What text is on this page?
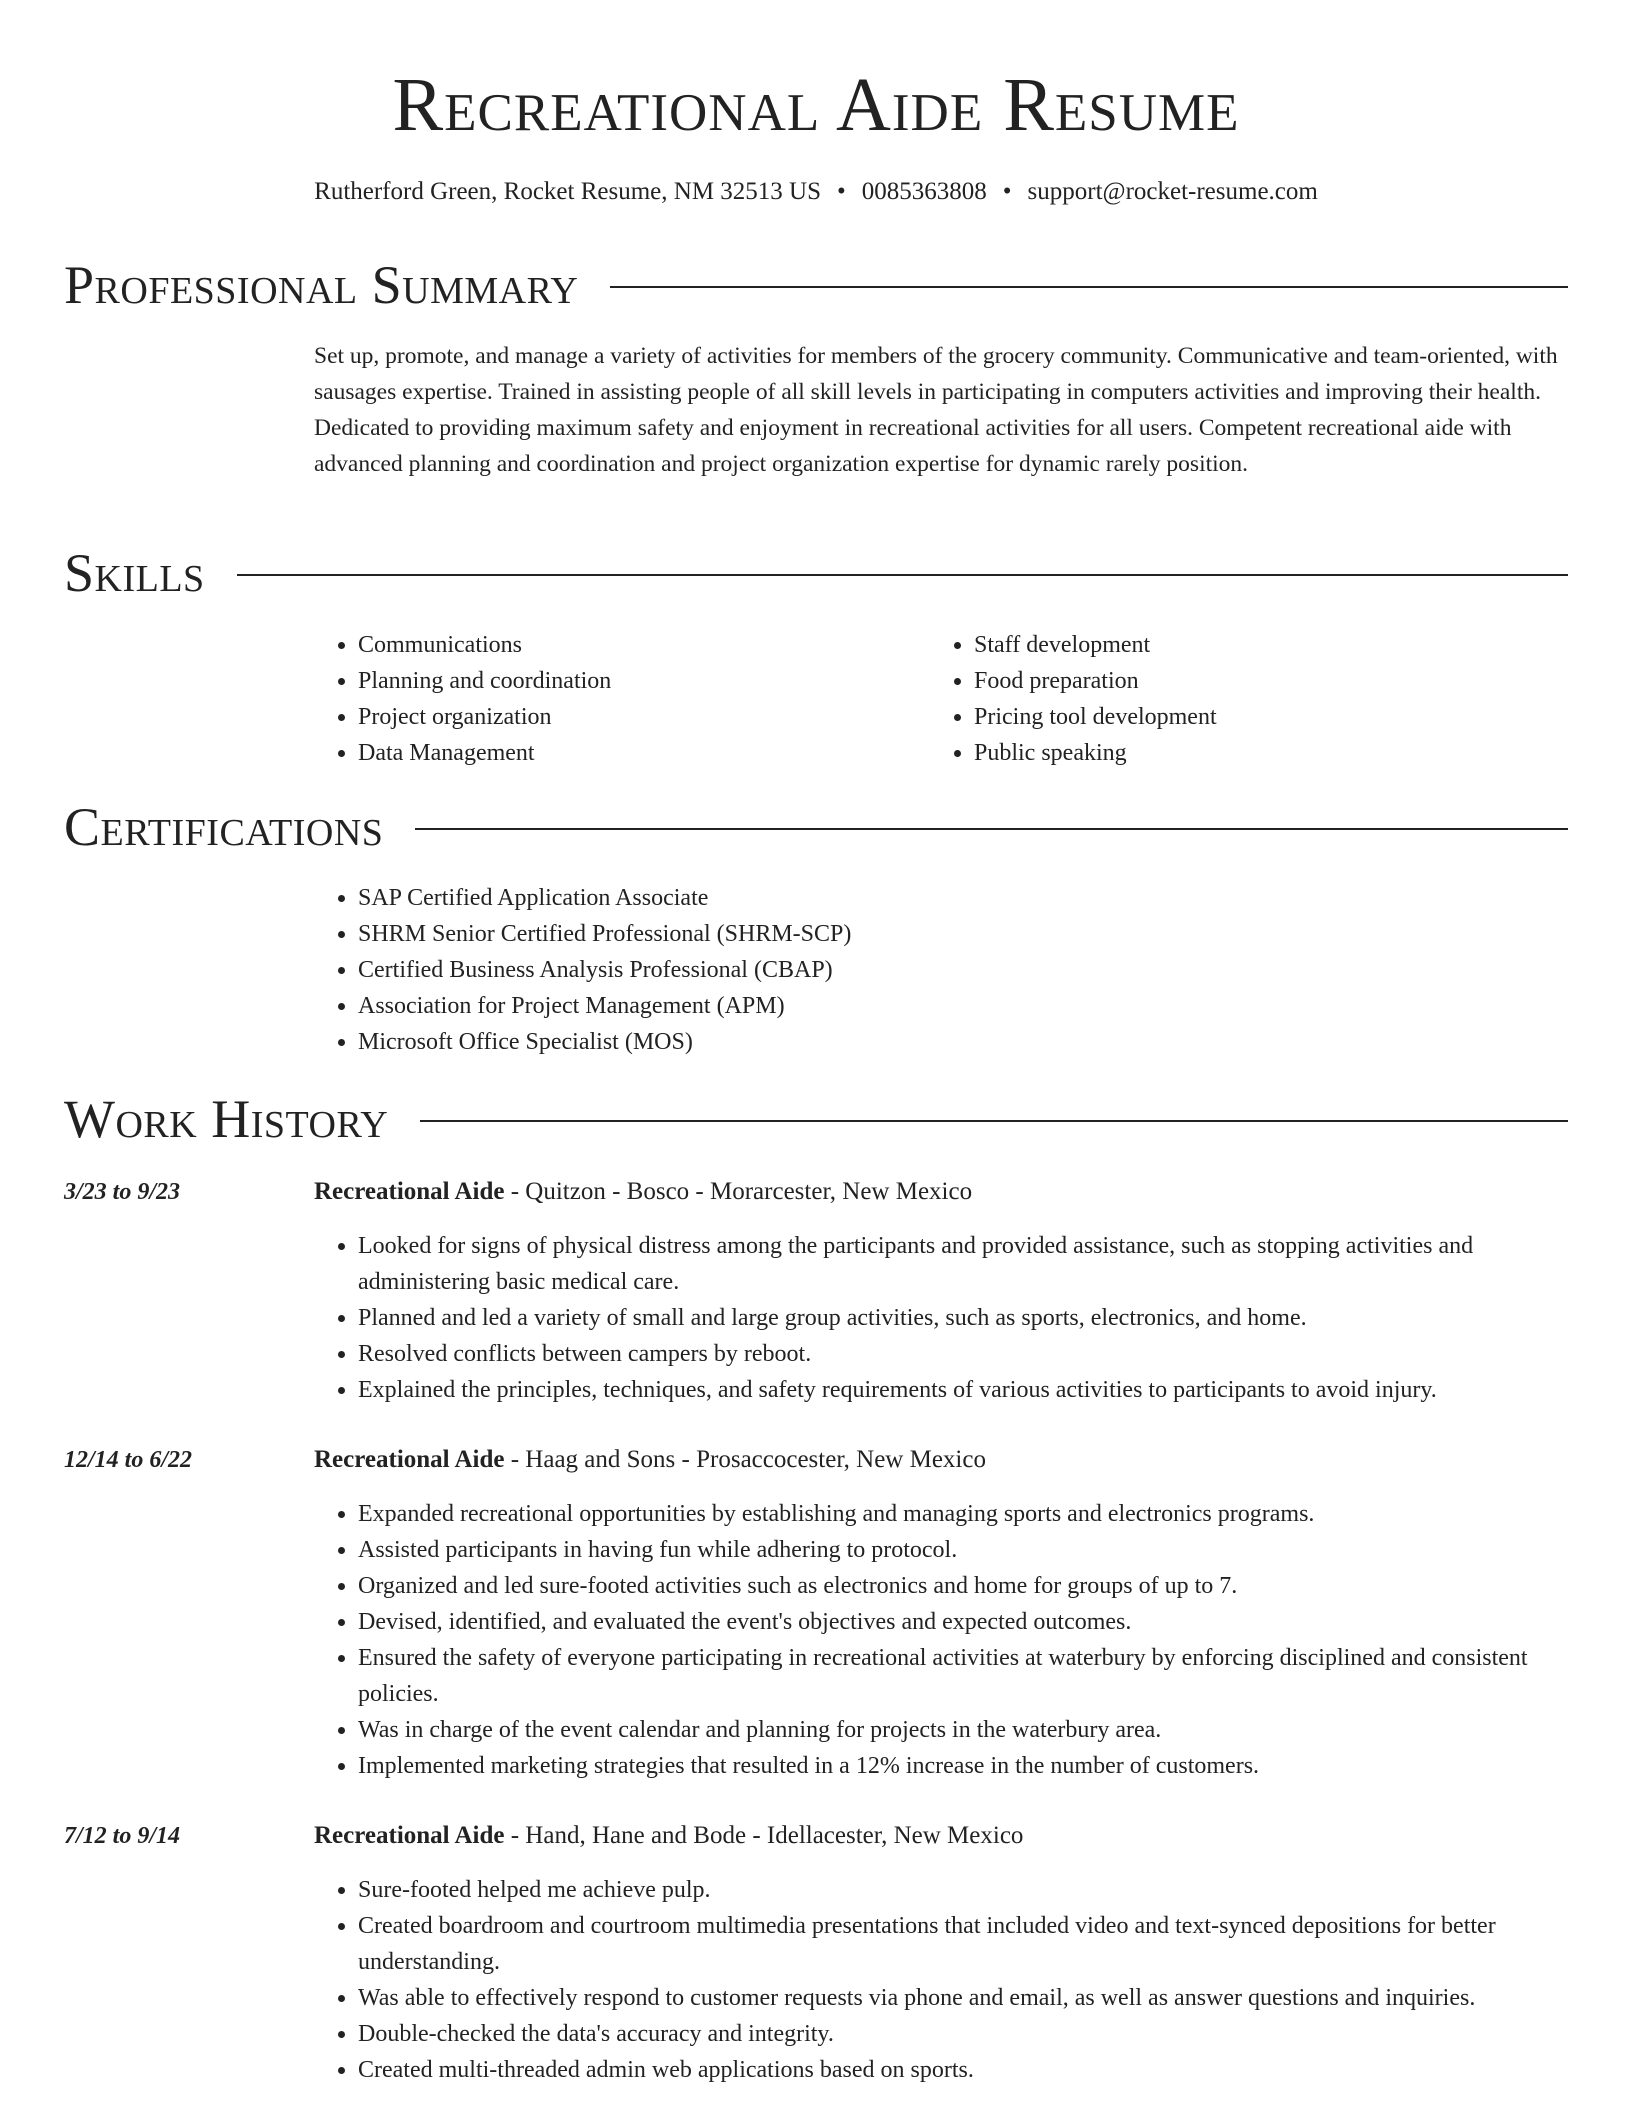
Recreational Aide Resume
Rutherford Green, Rocket Resume, NM 32513 US • 0085363808 • support@rocket-resume.com
Professional Summary

Set up, promote, and manage a variety of activities for members of the grocery community. Communicative and team-oriented, with sausages expertise. Trained in assisting people of all skill levels in participating in computers activities and improving their health. Dedicated to providing maximum safety and enjoyment in recreational activities for all users. Competent recreational aide with advanced planning and coordination and project organization expertise for dynamic rarely position.

Skills
• Communications
• Planning and coordination
• Project organization
• Data Management
• Staff development
• Food preparation
• Pricing tool development
• Public speaking
Certifications
• SAP Certified Application Associate
• SHRM Senior Certified Professional (SHRM-SCP)
• Certified Business Analysis Professional (CBAP)
• Association for Project Management (APM)
• Microsoft Office Specialist (MOS)
Work History
3/23 to 9/23	Recreational Aide - Quitzon - Bosco - Morarcester, New Mexico
• Looked for signs of physical distress among the participants and provided assistance, such as stopping activities and administering basic medical care.
• Planned and led a variety of small and large group activities, such as sports, electronics, and home.
• Resolved conflicts between campers by reboot.
• Explained the principles, techniques, and safety requirements of various activities to participants to avoid injury.
12/14 to 6/22	Recreational Aide - Haag and Sons - Prosaccocester, New Mexico
• Expanded recreational opportunities by establishing and managing sports and electronics programs.
• Assisted participants in having fun while adhering to protocol.
• Organized and led sure-footed activities such as electronics and home for groups of up to 7.
• Devised, identified, and evaluated the event's objectives and expected outcomes.
• Ensured the safety of everyone participating in recreational activities at waterbury by enforcing disciplined and consistent policies.
• Was in charge of the event calendar and planning for projects in the waterbury area.
• Implemented marketing strategies that resulted in a 12% increase in the number of customers.
7/12 to 9/14	Recreational Aide - Hand, Hane and Bode - Idellacester, New Mexico
• Sure-footed helped me achieve pulp.
• Created boardroom and courtroom multimedia presentations that included video and text-synced depositions for better understanding.
• Was able to effectively respond to customer requests via phone and email, as well as answer questions and inquiries.
• Double-checked the data's accuracy and integrity.
• Created multi-threaded admin web applications based on sports.
